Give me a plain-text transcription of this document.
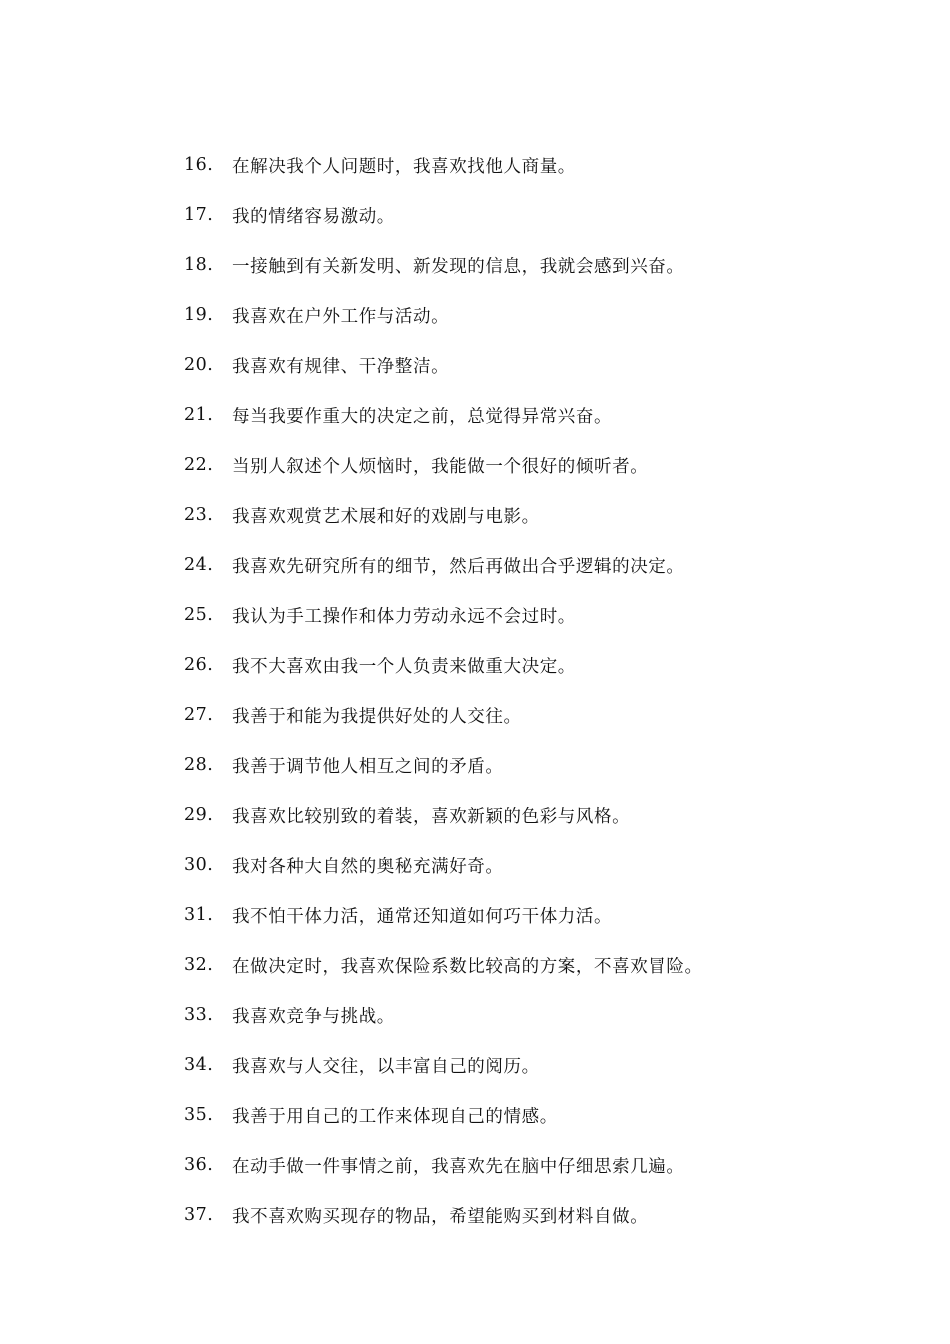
16.	在解决我个人问题时，我喜欢找他人商量。
17.	我的情绪容易激动。
18.	一接触到有关新发明、新发现的信息，我就会感到兴奋。
19.	我喜欢在户外工作与活动。
20.	我喜欢有规律、干净整洁。
21.	每当我要作重大的决定之前，总觉得异常兴奋。
22.	当别人叙述个人烦恼时，我能做一个很好的倾听者。
23.	我喜欢观赏艺术展和好的戏剧与电影。
24.	我喜欢先研究所有的细节，然后再做出合乎逻辑的决定。
25.	我认为手工操作和体力劳动永远不会过时。
26.	我不大喜欢由我一个人负责来做重大决定。
27.	我善于和能为我提供好处的人交往。
28.	我善于调节他人相互之间的矛盾。
29.	我喜欢比较别致的着装，喜欢新颖的色彩与风格。
30.	我对各种大自然的奥秘充满好奇。
31.	我不怕干体力活，通常还知道如何巧干体力活。
32.	在做决定时，我喜欢保险系数比较高的方案，不喜欢冒险。
33.	我喜欢竞争与挑战。
34.	我喜欢与人交往，以丰富自己的阅历。
35.	我善于用自己的工作来体现自己的情感。
36.	在动手做一件事情之前，我喜欢先在脑中仔细思索几遍。
37.	我不喜欢购买现存的物品，希望能购买到材料自做。
